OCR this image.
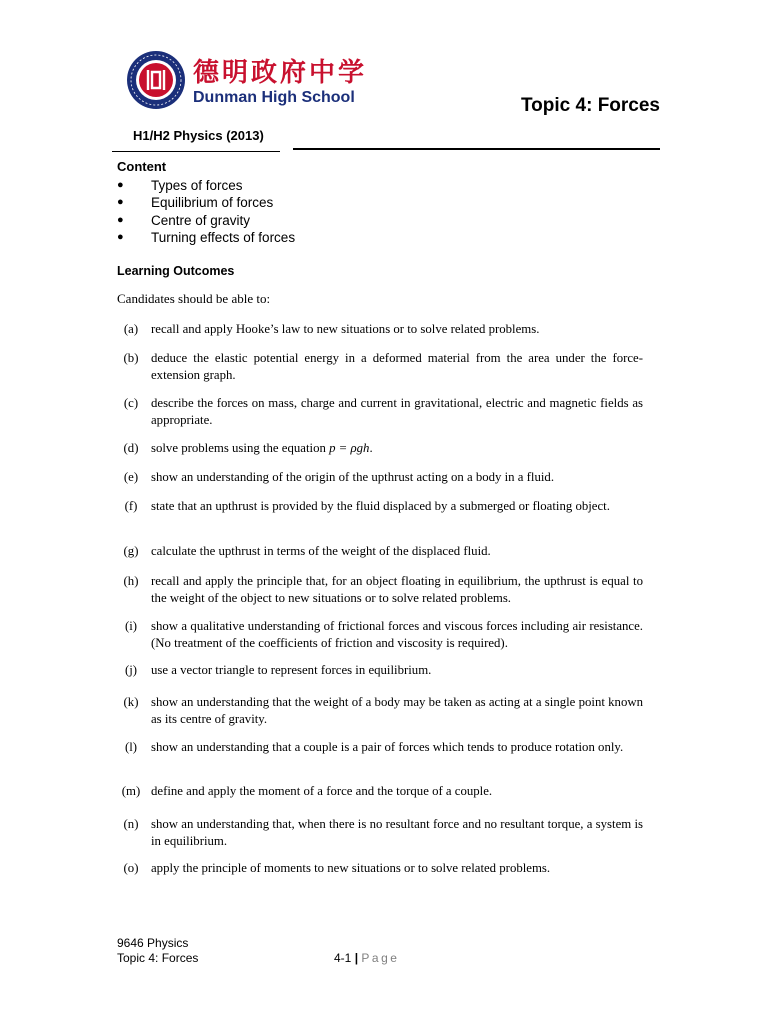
德明政府中学
Dunman High School	Topic 4: Forces
H1/H2 Physics (2013)
Content
● Types of forces
● Equilibrium of forces
● Centre of gravity
● Turning effects of forces
Learning Outcomes
Candidates should be able to:
(a)	recall and apply Hooke’s law to new situations or to solve related problems.
(b) deduce the elastic potential energy in a deformed material from the area under the force-extension graph.
(c)	describe the forces on mass, charge and current in gravitational, electric and magnetic fields as appropriate.
(d) solve problems using the equation p = ρgh.
(e)	show an understanding of the origin of the upthrust acting on a body in a fluid.
(f)	state that an upthrust is provided by the fluid displaced by a submerged or floating object.
(g) calculate the upthrust in terms of the weight of the displaced fluid.
(h) recall and apply the principle that, for an object floating in equilibrium, the upthrust is equal to the weight of the object to new situations or to solve related problems.
(i)	show a qualitative understanding of frictional forces and viscous forces including air resistance. (No treatment of the coefficients of friction and viscosity is required).
(j)	use a vector triangle to represent forces in equilibrium.
(k) show an understanding that the weight of a body may be taken as acting at a single point known as its centre of gravity.
(l)	show an understanding that a couple is a pair of forces which tends to produce rotation only.
(m) define and apply the moment of a force and the torque of a couple.
(n) show an understanding that, when there is no resultant force and no resultant torque, a system is in equilibrium.
(o) apply the principle of moments to new situations or to solve related problems.
9646 Physics
Topic 4: Forces	4-1 | Page
